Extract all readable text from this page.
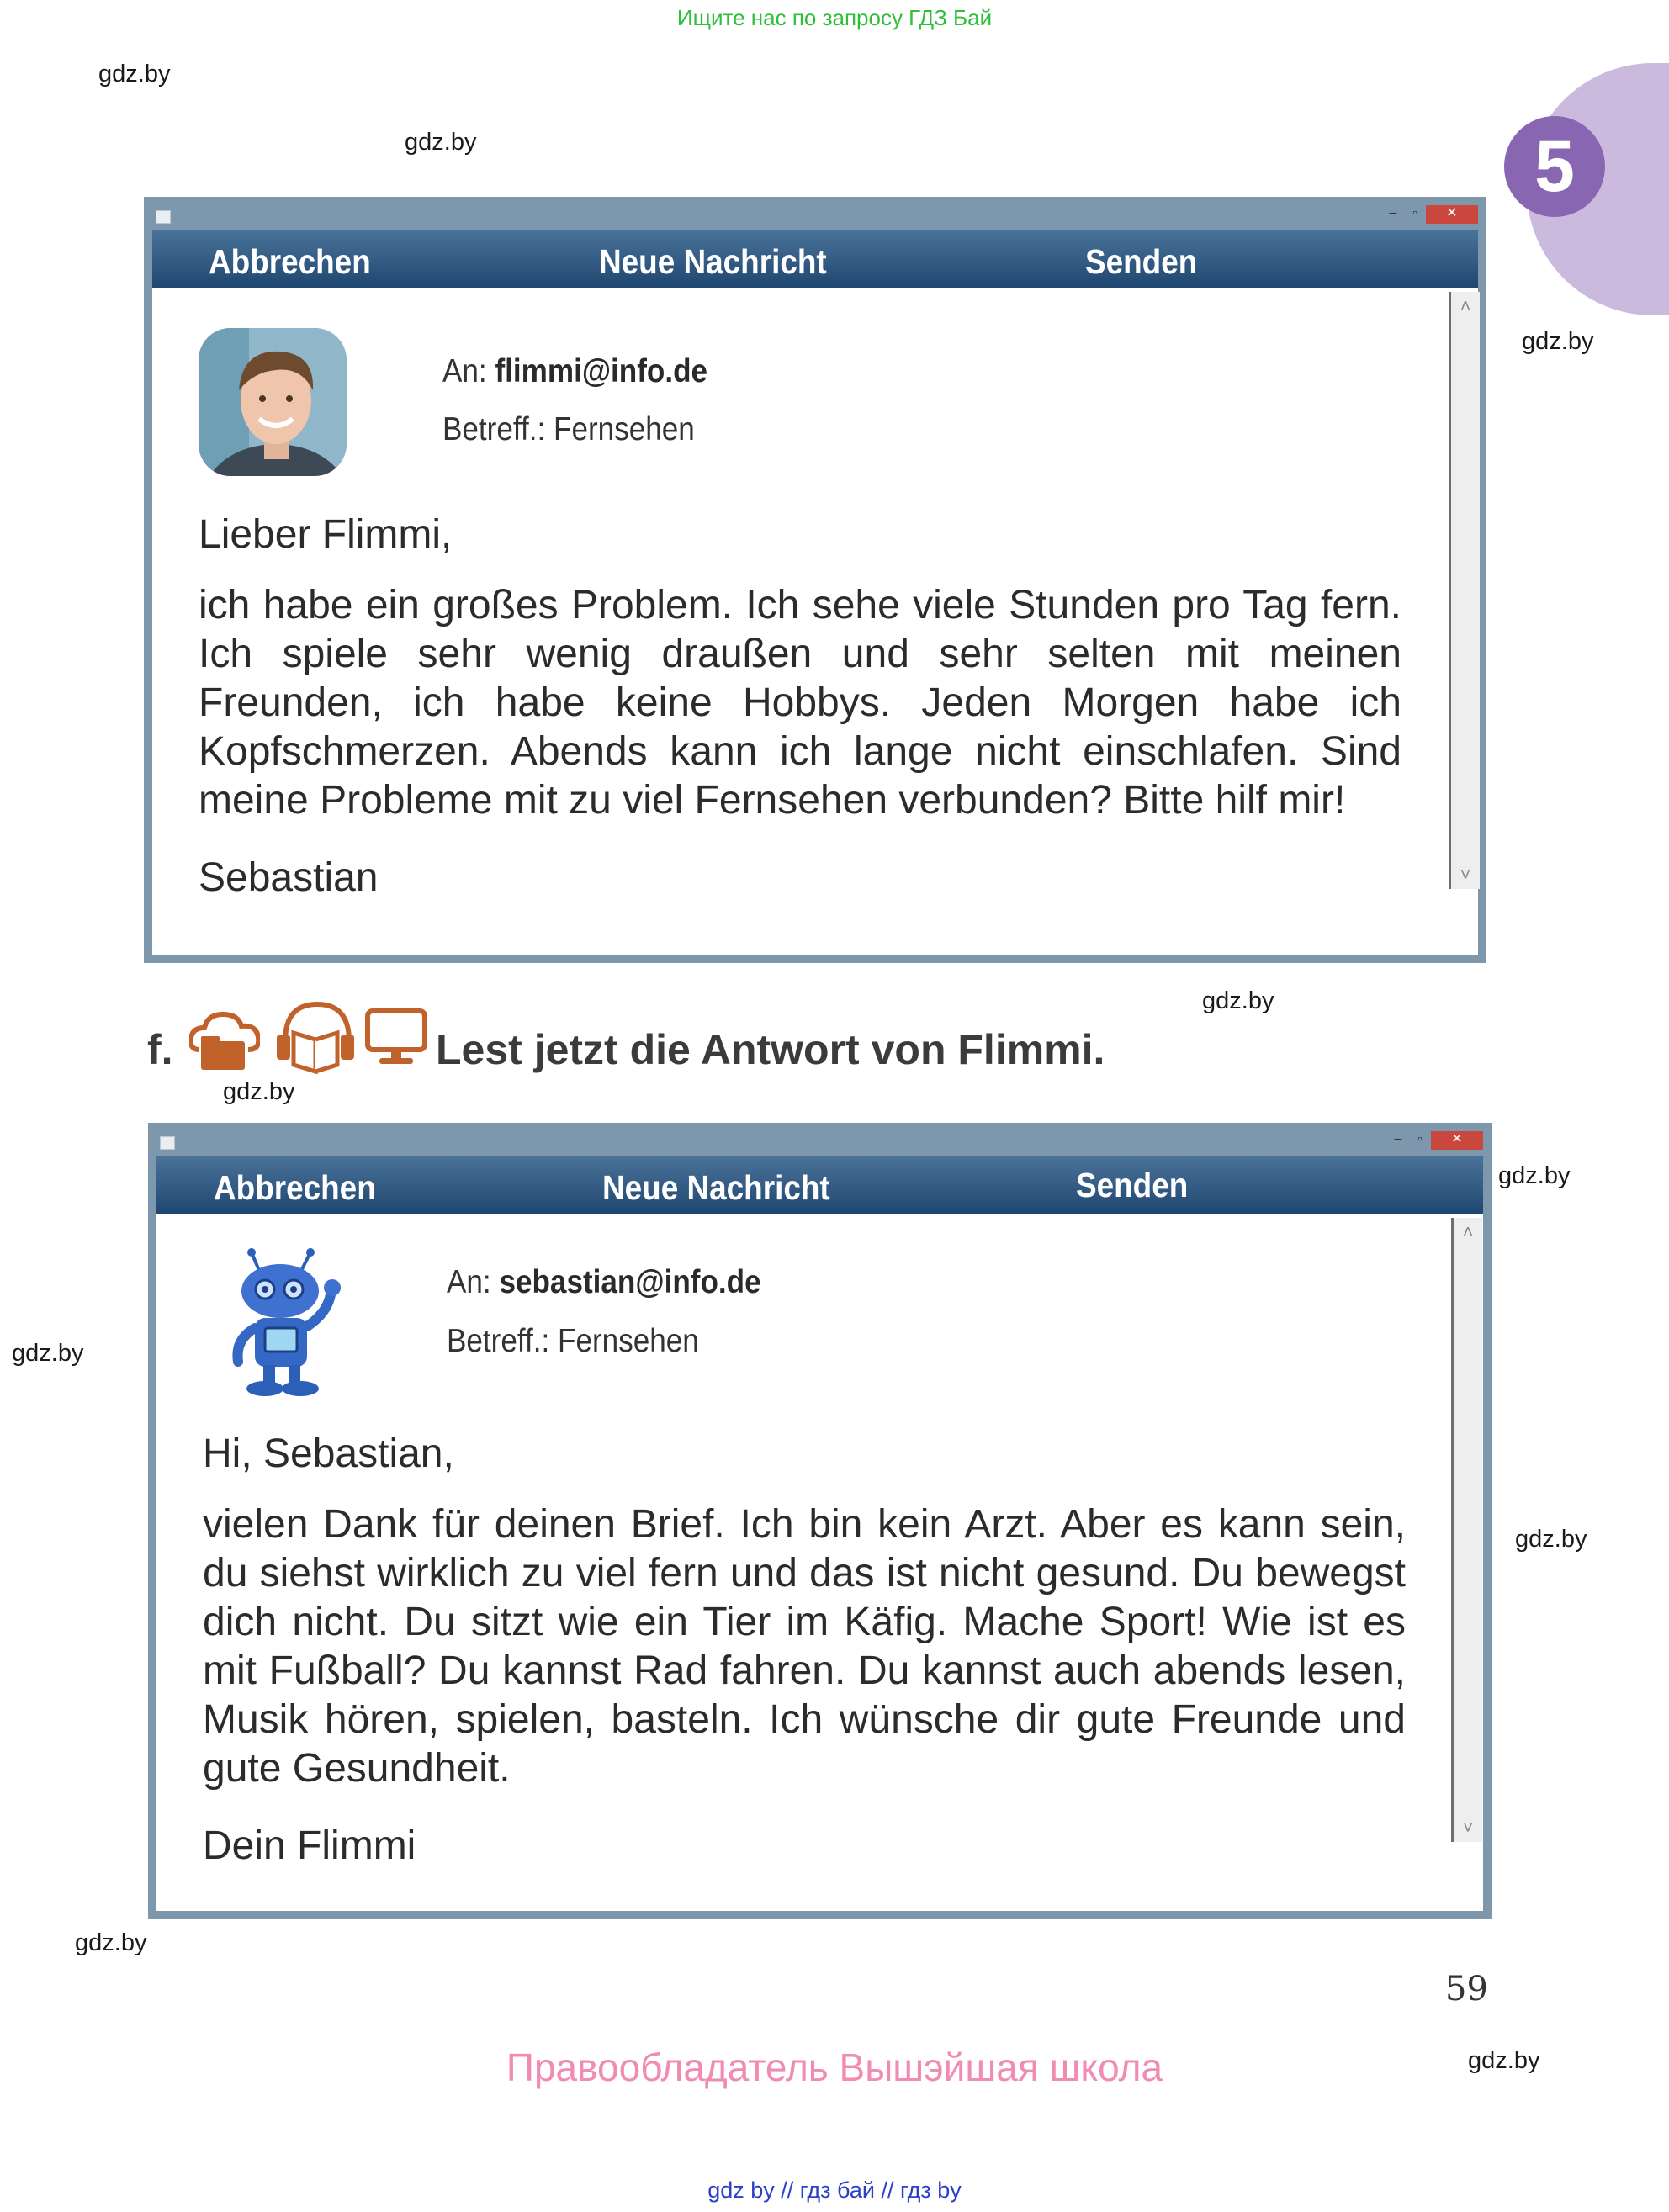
Ищите нас по запросу ГДЗ Бай
5
gdz.by
gdz.by
gdz.by
gdz.by
gdz.by
gdz.by
gdz.by
gdz.by
gdz.by
gdz.by
‒	▫	✕
Abbrechen	Neue Nachricht	Senden
˄
˅
An: flimmi@info.de
Betreff.: Fernsehen
Lieber Flimmi,
ich habe ein großes Problem. Ich sehe viele Stunden pro Tag fern. Ich spiele sehr wenig draußen und sehr selten mit meinen Freunden, ich habe keine Hobbys. Jeden Morgen habe ich Kopfschmerzen. Abends kann ich lange nicht einschlafen. Sind meine Probleme mit zu viel Fernsehen verbunden? Bitte hilf mir!
Sebastian
f.	Lest jetzt die Antwort von Flimmi.
‒	▫	✕
Abbrechen	Neue Nachricht	Senden
˄
˅
An: sebastian@info.de
Betreff.: Fernsehen
Hi, Sebastian,
vielen Dank für deinen Brief. Ich bin kein Arzt. Aber es kann sein, du siehst wirklich zu viel fern und das ist nicht gesund. Du bewegst dich nicht. Du sitzt wie ein Tier im Käfig. Mache Sport! Wie ist es mit Fußball? Du kannst Rad fahren. Du kannst auch abends lesen, Musik hören, spielen, basteln. Ich wünsche dir gute Freunde und gute Gesundheit.
Dein Flimmi
59
Правообладатель Вышэйшая школа
gdz by // гдз бай // гдз by
